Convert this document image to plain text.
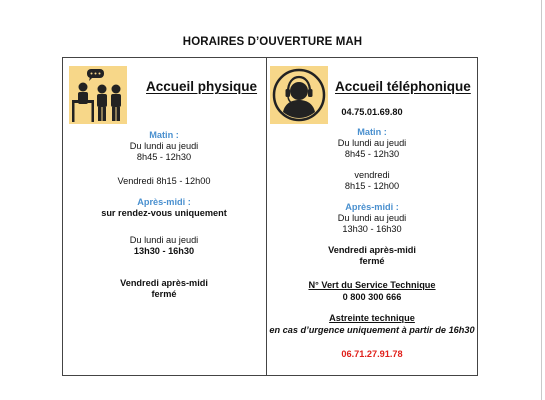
HORAIRES D’OUVERTURE MAH
Accueil physique
Matin :
Du lundi au jeudi
8h45 - 12h30
Vendredi 8h15 - 12h00
Après-midi :
sur rendez-vous uniquement
Du lundi au jeudi
13h30 - 16h30
Vendredi après-midi
fermé
Accueil téléphonique
04.75.01.69.80
Matin :
Du lundi au jeudi
8h45 - 12h30
vendredi
8h15 - 12h00
Après-midi :
Du lundi au jeudi
13h30 - 16h30
Vendredi après-midi
fermé
N° Vert du Service Technique
0 800 300 666
Astreinte technique
en cas d’urgence uniquement à partir de 16h30
06.71.27.91.78
